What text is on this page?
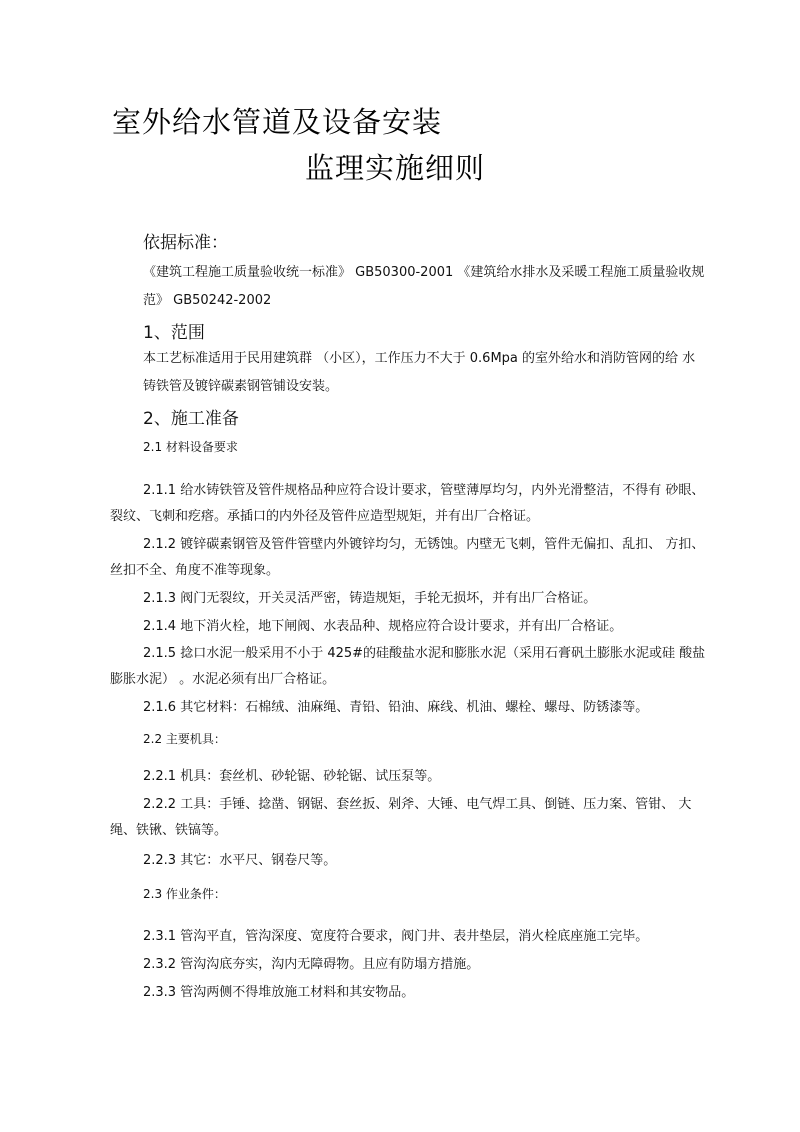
室外给水管道及设备安装
监理实施细则
依据标准：
《建筑工程施工质量验收统一标准》 GB50300-2001 《建筑给水排水及采暖工程施工质量验收规
范》 GB50242-2002
1、范围
本工艺标准适用于民用建筑群 （小区），工作压力不大于 0.6Mpa 的室外给水和消防管网的给 水
铸铁管及镀锌碳素钢管铺设安装。
2、施工准备
2.1 材料设备要求
2.1.1 给水铸铁管及管件规格品种应符合设计要求，管壁薄厚均匀，内外光滑整洁，不得有 砂眼、
裂纹、飞刺和疙瘩。承插口的内外径及管件应造型规矩，并有出厂合格证。
2.1.2 镀锌碳素钢管及管件管壁内外镀锌均匀，无锈蚀。内壁无飞刺，管件无偏扣、乱扣、 方扣、
丝扣不全、角度不准等现象。
2.1.3 阀门无裂纹，开关灵活严密，铸造规矩，手轮无损坏，并有出厂合格证。
2.1.4 地下消火栓，地下闸阀、水表品种、规格应符合设计要求，并有出厂合格证。
2.1.5 捻口水泥一般采用不小于 425#的硅酸盐水泥和膨胀水泥（采用石膏矾土膨胀水泥或硅 酸盐
膨胀水泥） 。水泥必须有出厂合格证。
2.1.6 其它材料：石棉绒、油麻绳、青铅、铅油、麻线、机油、螺栓、螺母、防锈漆等。
2.2 主要机具：
2.2.1 机具：套丝机、砂轮锯、砂轮锯、试压泵等。
2.2.2 工具：手锤、捻凿、钢锯、套丝扳、剁斧、大锤、电气焊工具、倒链、压力案、管钳、 大
绳、铁锹、铁镐等。
2.2.3 其它：水平尺、钢卷尺等。
2.3 作业条件：
2.3.1 管沟平直，管沟深度、宽度符合要求，阀门井、表井垫层，消火栓底座施工完毕。
2.3.2 管沟沟底夯实，沟内无障碍物。且应有防塌方措施。
2.3.3 管沟两侧不得堆放施工材料和其安物品。
